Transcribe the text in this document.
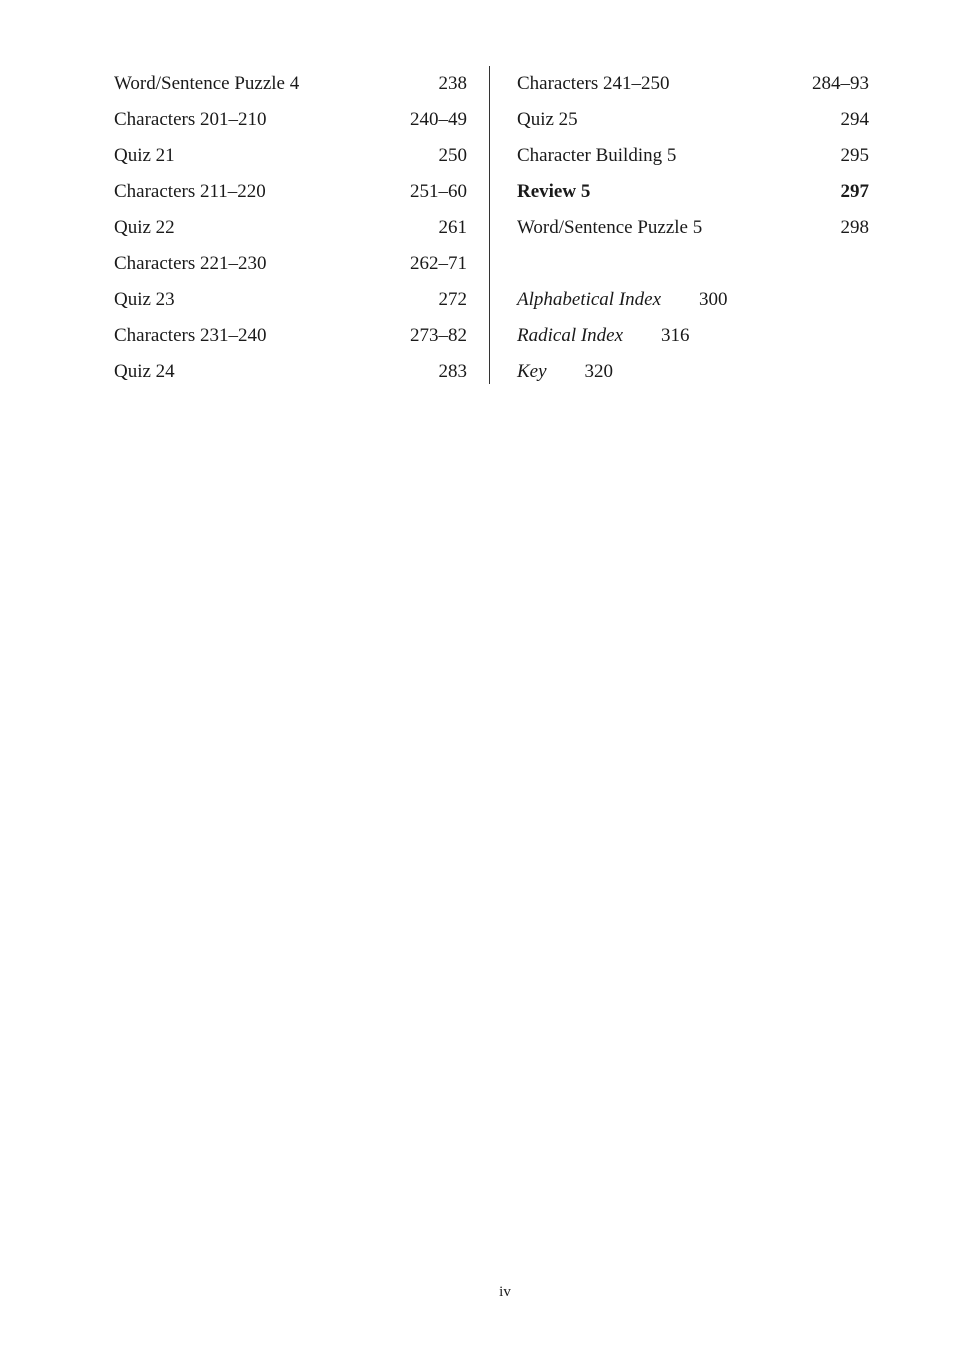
Word/Sentence Puzzle 4	238
Characters 201–210	240–49
Quiz 21	250
Characters 211–220	251–60
Quiz 22	261
Characters 221–230	262–71
Quiz 23	272
Characters 231–240	273–82
Quiz 24	283
Characters 241–250	284–93
Quiz 25	294
Character Building 5	295
Review 5	297
Word/Sentence Puzzle 5	298
Alphabetical Index 300
Radical Index 316
Key 320
iv
